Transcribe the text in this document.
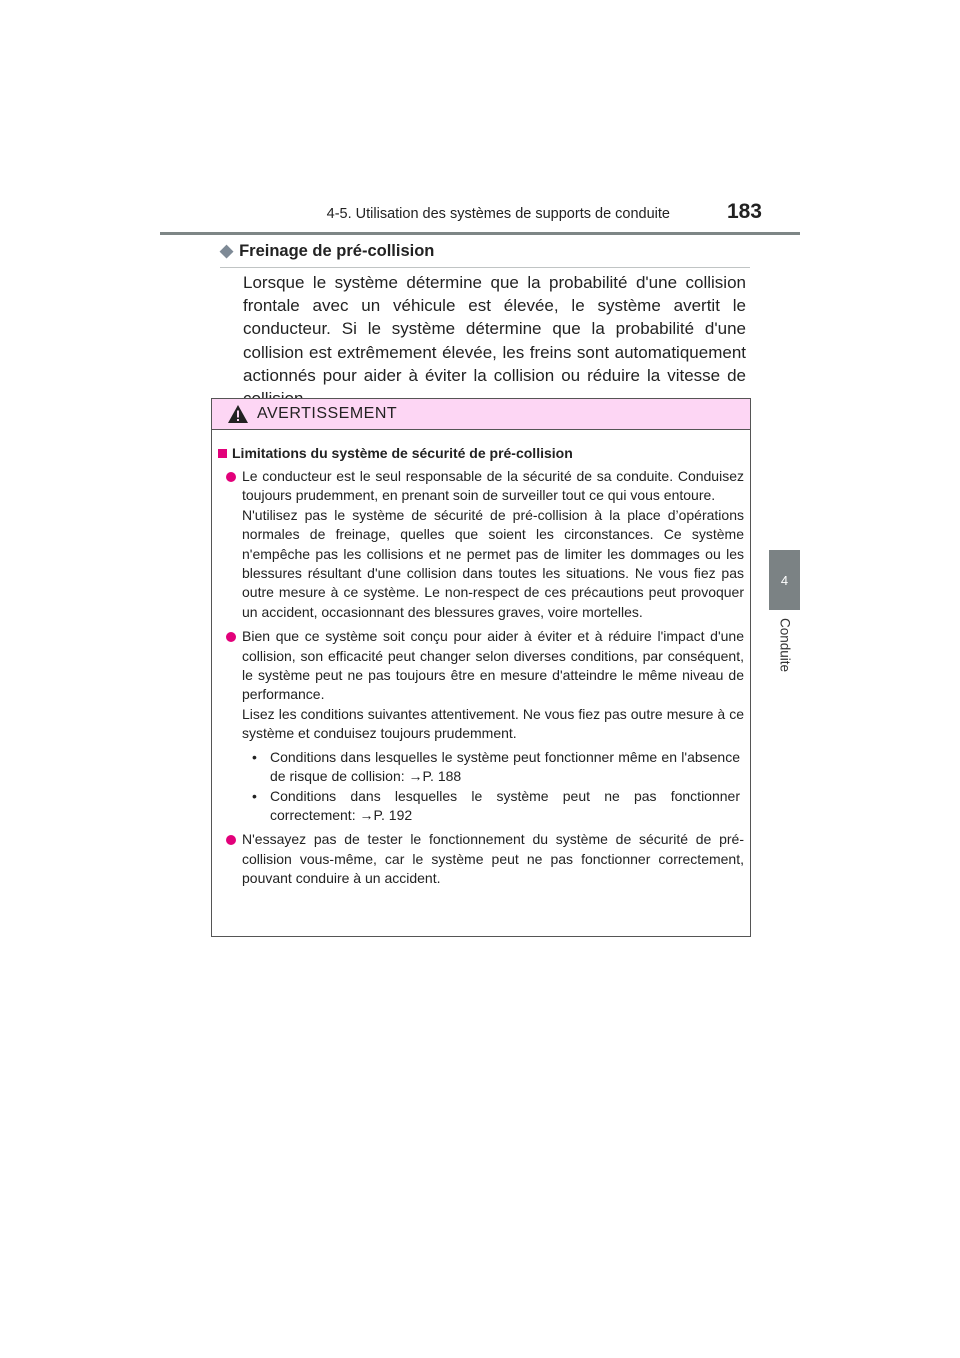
4-5. Utilisation des systèmes de supports de conduite	183
4
Conduite
◆ Freinage de pré-collision

Lorsque le système détermine que la probabilité d'une collision frontale avec un véhicule est élevée, le système avertit le conducteur. Si le système détermine que la probabilité d'une collision est extrêmement élevée, les freins sont automatiquement actionnés pour aider à éviter la collision ou réduire la vitesse de

AVERTISSEMENT
Limitations du système de sécurité de pré-collision

Le conducteur est le seul responsable de la sécurité de sa conduite. Conduisez toujours prudemment, en prenant soin de surveiller tout ce qui vous entoure.

N'utilisez pas le système de sécurité de pré-collision à la place d’opérations normales de freinage, quelles que soient les circonstances. Ce système n'empêche pas les collisions et ne permet pas de limiter les dommages ou les blessures résultant d'une collision dans toutes les situations. Ne vous fiez pas outre mesure à ce système. Le non-respect de ces précautions peut provoquer un accident, occasionnant des blessures graves, voire mortelles.

Bien que ce système soit conçu pour aider à éviter et à réduire l'impact d'une collision, son efficacité peut changer selon diverses conditions, par conséquent, le système peut ne pas toujours être en mesure d'atteindre le même niveau de performance.

Lisez les conditions suivantes attentivement. Ne vous fiez pas outre mesure à ce système et conduisez toujours prudemment.

• Conditions dans lesquelles le système peut fonctionner même en l'absence de risque de collision: →P. 188
• Conditions dans lesquelles le système peut ne pas fonctionner correctement: →P. 192

N'essayez pas de tester le fonctionnement du système de sécurité de pré-collision vous-même, car le système peut ne pas fonctionner correctement, pouvant conduire à un accident.
